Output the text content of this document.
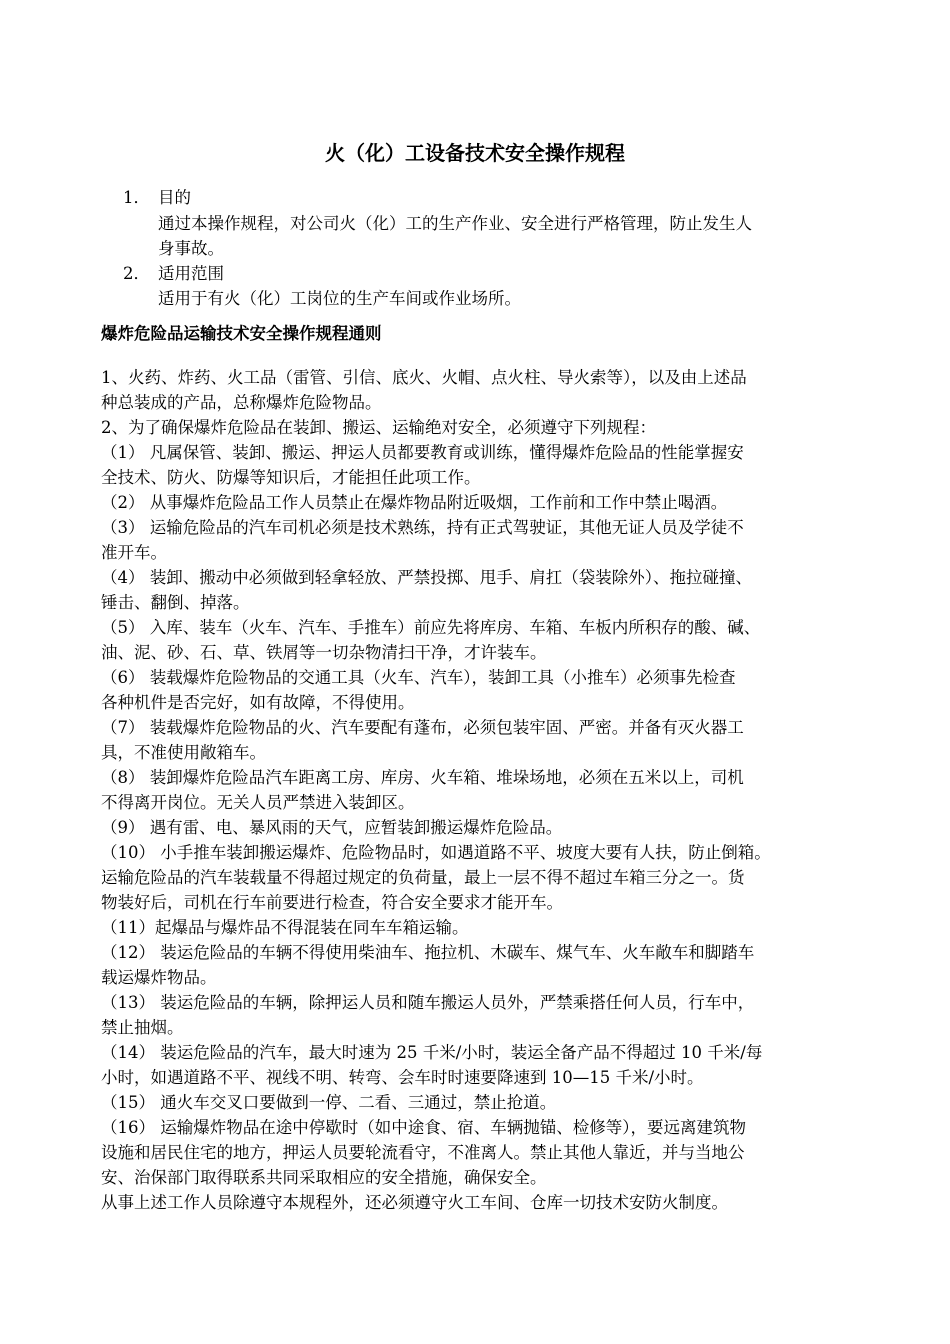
火（化）工设备技术安全操作规程
1． 目的
通过本操作规程，对公司火（化）工的生产作业、安全进行严格管理，防止发生人
身事故。
2． 适用范围
适用于有火（化）工岗位的生产车间或作业场所。
爆炸危险品运输技术安全操作规程通则
1、火药、炸药、火工品（雷管、引信、底火、火帽、点火柱、导火索等），以及由上述品
种总装成的产品，总称爆炸危险物品。
2、为了确保爆炸危险品在装卸、搬运、运输绝对安全，必须遵守下列规程：
（1） 凡属保管、装卸、搬运、押运人员都要教育或训练，懂得爆炸危险品的性能掌握安
全技术、防火、防爆等知识后，才能担任此项工作。
（2） 从事爆炸危险品工作人员禁止在爆炸物品附近吸烟，工作前和工作中禁止喝酒。
（3） 运输危险品的汽车司机必须是技术熟练，持有正式驾驶证，其他无证人员及学徒不
准开车。
（4） 装卸、搬动中必须做到轻拿轻放、严禁投掷、甩手、肩扛（袋装除外）、拖拉碰撞、
锤击、翻倒、掉落。
（5） 入库、装车（火车、汽车、手推车）前应先将库房、车箱、车板内所积存的酸、碱、
油、泥、砂、石、草、铁屑等一切杂物清扫干净，才许装车。
（6） 装载爆炸危险物品的交通工具（火车、汽车），装卸工具（小推车）必须事先检查
各种机件是否完好，如有故障，不得使用。
（7） 装载爆炸危险物品的火、汽车要配有蓬布，必须包装牢固、严密。并备有灭火器工
具，不准使用敞箱车。
（8） 装卸爆炸危险品汽车距离工房、库房、火车箱、堆垛场地，必须在五米以上，司机
不得离开岗位。无关人员严禁进入装卸区。
（9） 遇有雷、电、暴风雨的天气，应暂装卸搬运爆炸危险品。
（10） 小手推车装卸搬运爆炸、危险物品时，如遇道路不平、坡度大要有人扶，防止倒箱。
运输危险品的汽车装载量不得超过规定的负荷量，最上一层不得不超过车箱三分之一。货
物装好后，司机在行车前要进行检查，符合安全要求才能开车。
（11）起爆品与爆炸品不得混装在同车车箱运输。
（12） 装运危险品的车辆不得使用柴油车、拖拉机、木碳车、煤气车、火车敞车和脚踏车
载运爆炸物品。
（13） 装运危险品的车辆，除押运人员和随车搬运人员外，严禁乘搭任何人员，行车中，
禁止抽烟。
（14） 装运危险品的汽车，最大时速为 25 千米/小时，装运全备产品不得超过 10 千米/每
小时，如遇道路不平、视线不明、转弯、会车时时速要降速到 10—15 千米/小时。
（15） 通火车交叉口要做到一停、二看、三通过，禁止抢道。
（16） 运输爆炸物品在途中停歇时（如中途食、宿、车辆抛锚、检修等），要远离建筑物
设施和居民住宅的地方，押运人员要轮流看守，不准离人。禁止其他人靠近，并与当地公
安、治保部门取得联系共同采取相应的安全措施，确保安全。
从事上述工作人员除遵守本规程外，还必须遵守火工车间、仓库一切技术安防火制度。
